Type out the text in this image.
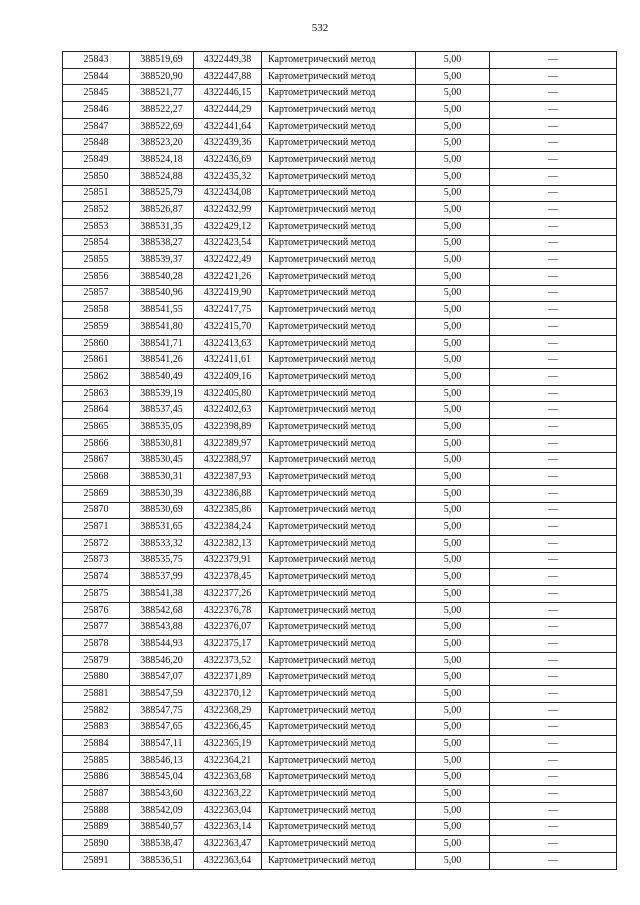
532
25843	388519,69	4322449,38	Картометрический метод	5,00	—
25844	388520,90	4322447,88	Картометрический метод	5,00	—
25845	388521,77	4322446,15	Картометрический метод	5,00	—
25846	388522,27	4322444,29	Картометрический метод	5,00	—
25847	388522,69	4322441,64	Картометрический метод	5,00	—
25848	388523,20	4322439,36	Картометрический метод	5,00	—
25849	388524,18	4322436,69	Картометрический метод	5,00	—
25850	388524,88	4322435,32	Картометрический метод	5,00	—
25851	388525,79	4322434,08	Картометрический метод	5,00	—
25852	388526,87	4322432,99	Картометрический метод	5,00	—
25853	388531,35	4322429,12	Картометрический метод	5,00	—
25854	388538,27	4322423,54	Картометрический метод	5,00	—
25855	388539,37	4322422,49	Картометрический метод	5,00	—
25856	388540,28	4322421,26	Картометрический метод	5,00	—
25857	388540,96	4322419,90	Картометрический метод	5,00	—
25858	388541,55	4322417,75	Картометрический метод	5,00	—
25859	388541,80	4322415,70	Картометрический метод	5,00	—
25860	388541,71	4322413,63	Картометрический метод	5,00	—
25861	388541,26	4322411,61	Картометрический метод	5,00	—
25862	388540,49	4322409,16	Картометрический метод	5,00	—
25863	388539,19	4322405,80	Картометрический метод	5,00	—
25864	388537,45	4322402,63	Картометрический метод	5,00	—
25865	388535,05	4322398,89	Картометрический метод	5,00	—
25866	388530,81	4322389,97	Картометрический метод	5,00	—
25867	388530,45	4322388,97	Картометрический метод	5,00	—
25868	388530,31	4322387,93	Картометрический метод	5,00	—
25869	388530,39	4322386,88	Картометрический метод	5,00	—
25870	388530,69	4322385,86	Картометрический метод	5,00	—
25871	388531,65	4322384,24	Картометрический метод	5,00	—
25872	388533,32	4322382,13	Картометрический метод	5,00	—
25873	388535,75	4322379,91	Картометрический метод	5,00	—
25874	388537,99	4322378,45	Картометрический метод	5,00	—
25875	388541,38	4322377,26	Картометрический метод	5,00	—
25876	388542,68	4322376,78	Картометрический метод	5,00	—
25877	388543,88	4322376,07	Картометрический метод	5,00	—
25878	388544,93	4322375,17	Картометрический метод	5,00	—
25879	388546,20	4322373,52	Картометрический метод	5,00	—
25880	388547,07	4322371,89	Картометрический метод	5,00	—
25881	388547,59	4322370,12	Картометрический метод	5,00	—
25882	388547,75	4322368,29	Картометрический метод	5,00	—
25883	388547,65	4322366,45	Картометрический метод	5,00	—
25884	388547,11	4322365,19	Картометрический метод	5,00	—
25885	388546,13	4322364,21	Картометрический метод	5,00	—
25886	388545,04	4322363,68	Картометрический метод	5,00	—
25887	388543,60	4322363,22	Картометрический метод	5,00	—
25888	388542,09	4322363,04	Картометрический метод	5,00	—
25889	388540,57	4322363,14	Картометрический метод	5,00	—
25890	388538,47	4322363,47	Картометрический метод	5,00	—
25891	388536,51	4322363,64	Картометрический метод	5,00	—
